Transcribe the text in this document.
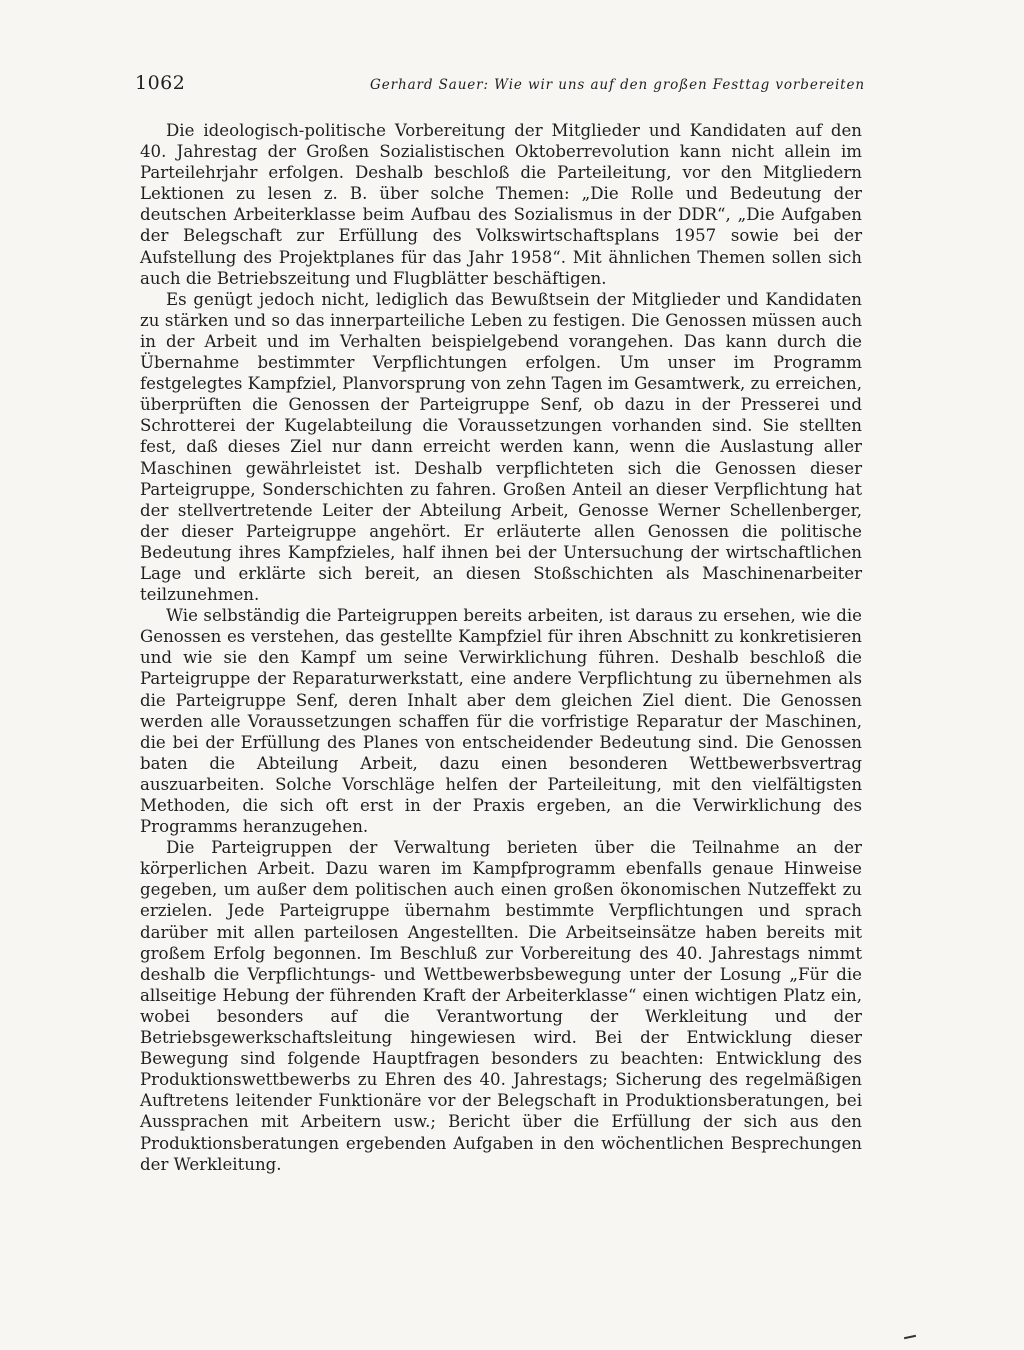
1062	Gerhard Sauer: Wie wir uns auf den großen Festtag vorbereiten

Die ideologisch-politische Vorbereitung der Mitglieder und Kandidaten auf den 40. Jahrestag der Großen Sozialistischen Oktoberrevolution kann nicht allein im Parteilehrjahr erfolgen. Deshalb beschloß die Parteileitung, vor den Mitgliedern Lektionen zu lesen z. B. über solche Themen: „Die Rolle und Bedeutung der deutschen Arbeiterklasse beim Aufbau des Sozialismus in der DDR“, „Die Aufgaben der Belegschaft zur Erfüllung des Volkswirtschaftsplans 1957 sowie bei der Aufstellung des Projektplanes für das Jahr 1958“. Mit ähnlichen Themen sollen sich auch die Betriebszeitung und Flugblätter beschäftigen.

Es genügt jedoch nicht, lediglich das Bewußtsein der Mitglieder und Kandidaten zu stärken und so das innerparteiliche Leben zu festigen. Die Genossen müssen auch in der Arbeit und im Verhalten beispielgebend vorangehen. Das kann durch die Übernahme bestimmter Verpflichtungen erfolgen. Um unser im Programm festgelegtes Kampfziel, Planvorsprung von zehn Tagen im Gesamtwerk, zu erreichen, überprüften die Genossen der Parteigruppe Senf, ob dazu in der Presserei und Schrotterei der Kugelabteilung die Voraussetzungen vorhanden sind. Sie stellten fest, daß dieses Ziel nur dann erreicht werden kann, wenn die Auslastung aller Maschinen gewährleistet ist. Deshalb verpflichteten sich die Genossen dieser Parteigruppe, Sonderschichten zu fahren. Großen Anteil an dieser Verpflichtung hat der stellvertretende Leiter der Abteilung Arbeit, Genosse Werner Schellenberger, der dieser Parteigruppe angehört. Er erläuterte allen Genossen die politische Bedeutung ihres Kampfzieles, half ihnen bei der Untersuchung der wirtschaftlichen Lage und erklärte sich bereit, an diesen Stoßschichten als Maschinenarbeiter teilzunehmen.

Wie selbständig die Parteigruppen bereits arbeiten, ist daraus zu ersehen, wie die Genossen es verstehen, das gestellte Kampfziel für ihren Abschnitt zu konkretisieren und wie sie den Kampf um seine Verwirklichung führen. Deshalb beschloß die Parteigruppe der Reparaturwerkstatt, eine andere Verpflichtung zu übernehmen als die Parteigruppe Senf, deren Inhalt aber dem gleichen Ziel dient. Die Genossen werden alle Voraussetzungen schaffen für die vorfristige Reparatur der Maschinen, die bei der Erfüllung des Planes von entscheidender Bedeutung sind. Die Genossen baten die Abteilung Arbeit, dazu einen besonderen Wettbewerbsvertrag auszuarbeiten. Solche Vorschläge helfen der Parteileitung, mit den vielfältigsten Methoden, die sich oft erst in der Praxis ergeben, an die Verwirklichung des Programms heranzugehen.

Die Parteigruppen der Verwaltung berieten über die Teilnahme an der körperlichen Arbeit. Dazu waren im Kampfprogramm ebenfalls genaue Hinweise gegeben, um außer dem politischen auch einen großen ökonomischen Nutzeffekt zu erzielen. Jede Parteigruppe übernahm bestimmte Verpflichtungen und sprach darüber mit allen parteilosen Angestellten. Die Arbeitseinsätze haben bereits mit großem Erfolg begonnen. Im Beschluß zur Vorbereitung des 40. Jahrestags nimmt deshalb die Verpflichtungs- und Wettbewerbsbewegung unter der Losung „Für die allseitige Hebung der führenden Kraft der Arbeiterklasse“ einen wichtigen Platz ein, wobei besonders auf die Verantwortung der Werkleitung und der Betriebsgewerkschaftsleitung hingewiesen wird. Bei der Entwicklung dieser Bewegung sind folgende Hauptfragen besonders zu beachten: Entwicklung des Produktionswettbewerbs zu Ehren des 40. Jahrestags; Sicherung des regelmäßigen Auftretens leitender Funktionäre vor der Belegschaft in Produktionsberatungen, bei Aussprachen mit Arbeitern usw.; Bericht über die Erfüllung der sich aus den Produktionsberatungen ergebenden Aufgaben in den wöchentlichen Besprechungen der Werkleitung.
